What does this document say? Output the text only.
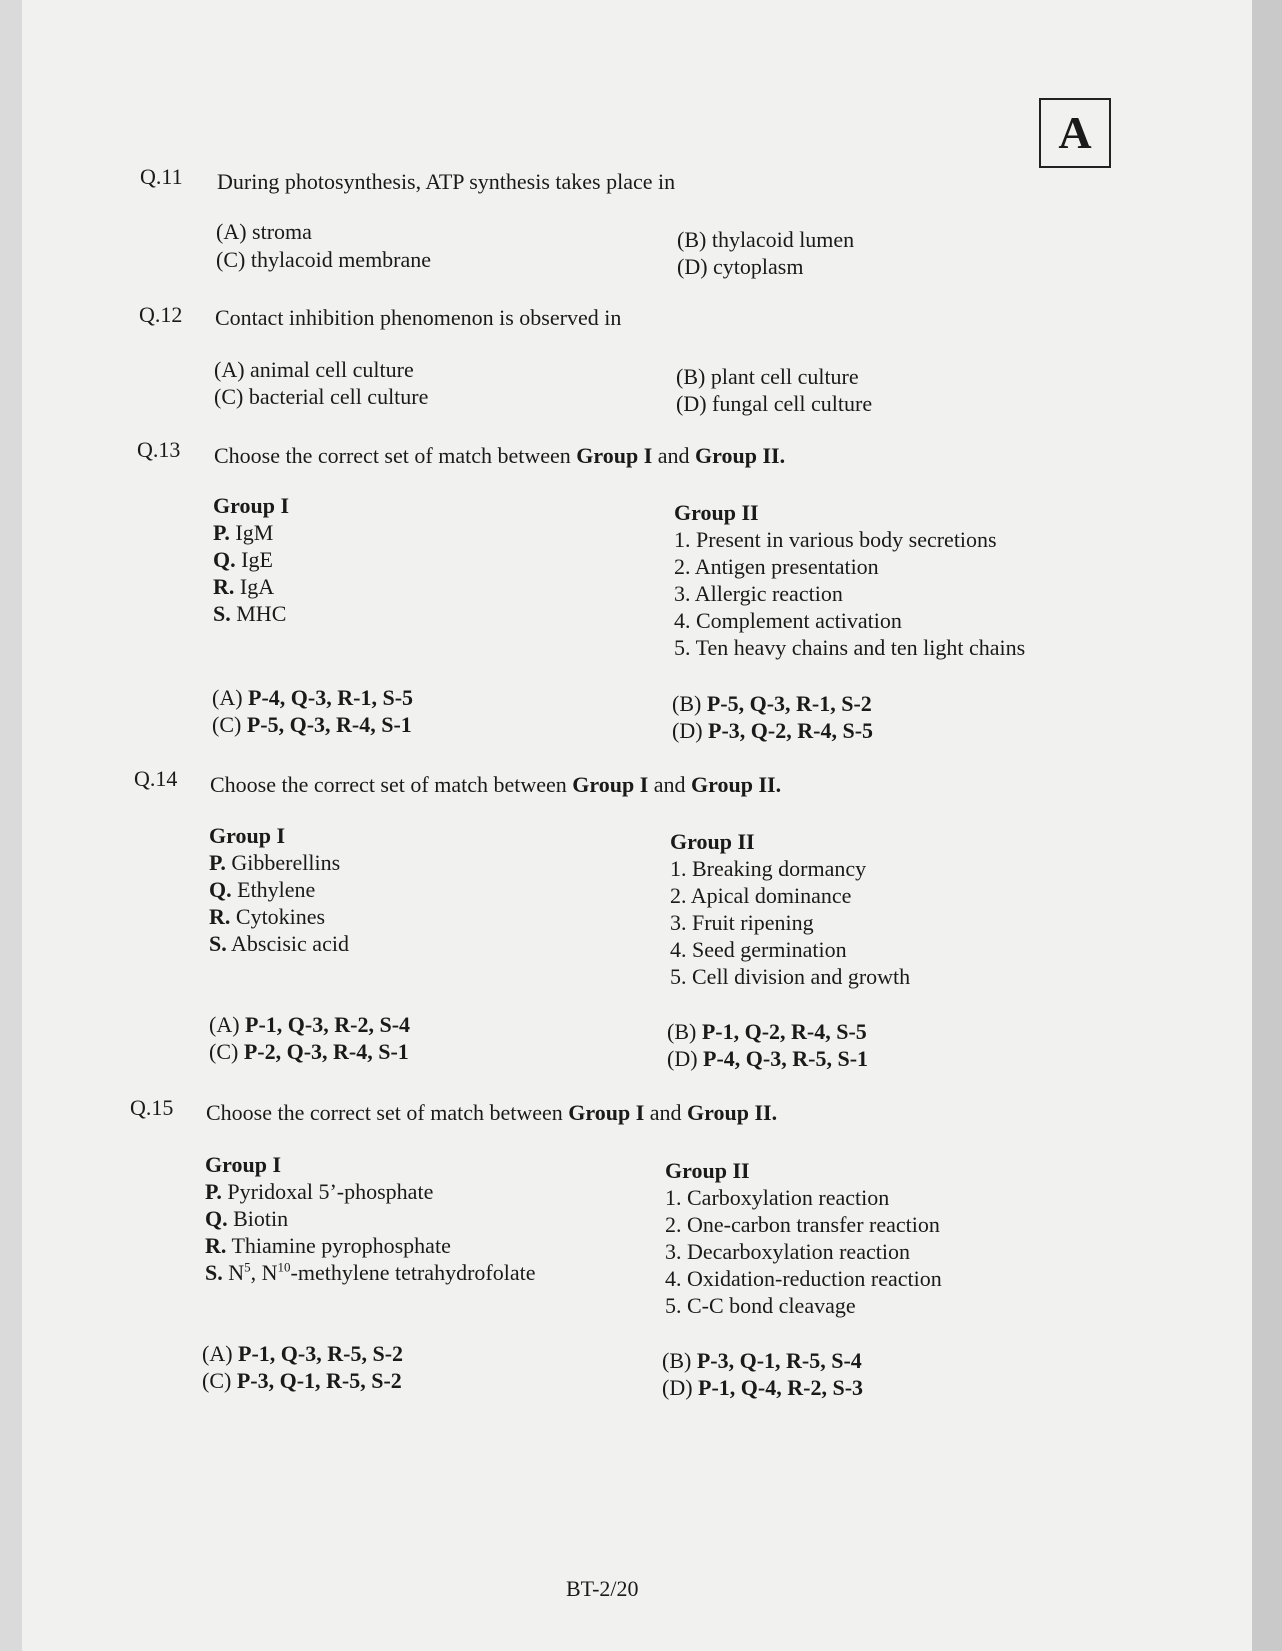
A
Q.11 During photosynthesis, ATP synthesis takes place in
(A) stroma
(C) thylacoid membrane
(B) thylacoid lumen
(D) cytoplasm
Q.12 Contact inhibition phenomenon is observed in
(A) animal cell culture
(C) bacterial cell culture
(B) plant cell culture
(D) fungal cell culture
Q.13 Choose the correct set of match between Group I and Group II.
Group I
P. IgM
Q. IgE
R. IgA
S. MHC
Group II
1. Present in various body secretions
2. Antigen presentation
3. Allergic reaction
4. Complement activation
5. Ten heavy chains and ten light chains
(A) P-4, Q-3, R-1, S-5
(C) P-5, Q-3, R-4, S-1
(B) P-5, Q-3, R-1, S-2
(D) P-3, Q-2, R-4, S-5
Q.14 Choose the correct set of match between Group I and Group II.
Group I
P. Gibberellins
Q. Ethylene
R. Cytokines
S. Abscisic acid
Group II
1. Breaking dormancy
2. Apical dominance
3. Fruit ripening
4. Seed germination
5. Cell division and growth
(A) P-1, Q-3, R-2, S-4
(C) P-2, Q-3, R-4, S-1
(B) P-1, Q-2, R-4, S-5
(D) P-4, Q-3, R-5, S-1
Q.15 Choose the correct set of match between Group I and Group II.
Group I
P. Pyridoxal 5’-phosphate
Q. Biotin
R. Thiamine pyrophosphate
S. $N^5$, $N^{10}$-methylene tetrahydrofolate
Group II
1. Carboxylation reaction
2. One-carbon transfer reaction
3. Decarboxylation reaction
4. Oxidation-reduction reaction
5. C-C bond cleavage
(A) P-1, Q-3, R-5, S-2
(C) P-3, Q-1, R-5, S-2
(B) P-3, Q-1, R-5, S-4
(D) P-1, Q-4, R-2, S-3
BT-2/20
